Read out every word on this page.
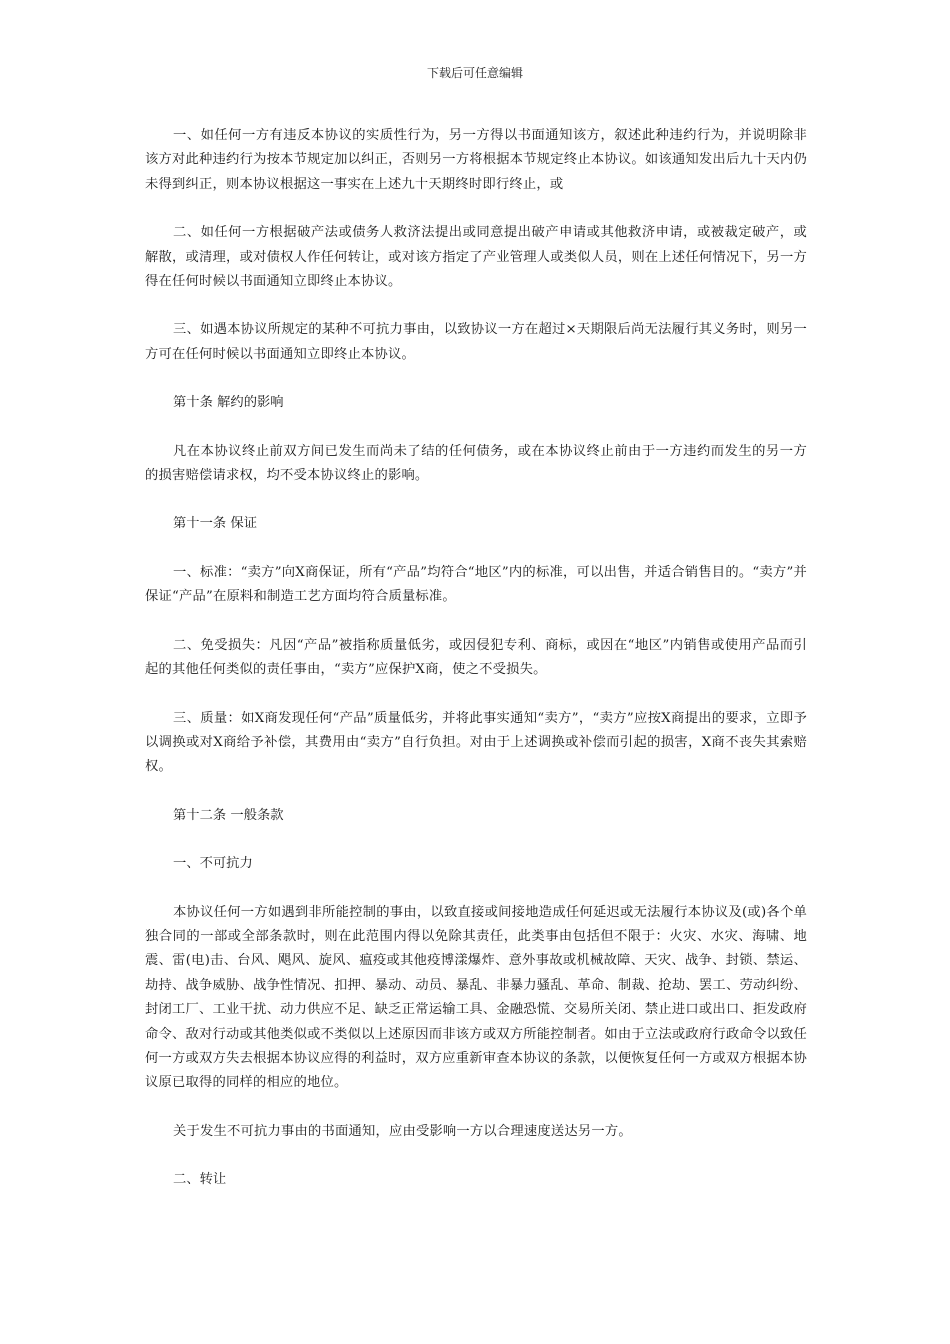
下载后可任意编辑

一、如任何一方有违反本协议的实质性行为，另一方得以书面通知该方，叙述此种违约行为，并说明除非该方对此种违约行为按本节规定加以纠正，否则另一方将根据本节规定终止本协议。如该通知发出后九十天内仍未得到纠正，则本协议根据这一事实在上述九十天期终时即行终止，或

二、如任何一方根据破产法或债务人救济法提出或同意提出破产申请或其他救济申请，或被裁定破产，或解散，或清理，或对债权人作任何转让，或对该方指定了产业管理人或类似人员，则在上述任何情况下，另一方得在任何时候以书面通知立即终止本协议。

三、如遇本协议所规定的某种不可抗力事由，以致协议一方在超过×天期限后尚无法履行其义务时，则另一方可在任何时候以书面通知立即终止本协议。

第十条 解约的影响

凡在本协议终止前双方间已发生而尚未了结的任何债务，或在本协议终止前由于一方违约而发生的另一方的损害赔偿请求权，均不受本协议终止的影响。

第十一条 保证

一、标准：“卖方”向X商保证，所有“产品”均符合“地区”内的标准，可以出售，并适合销售目的。“卖方”并保证“产品”在原料和制造工艺方面均符合质量标准。

二、免受损失：凡因“产品”被指称质量低劣，或因侵犯专利、商标，或因在“地区”内销售或使用产品而引起的其他任何类似的责任事由，“卖方”应保护X商，使之不受损失。

三、质量：如X商发现任何“产品”质量低劣，并将此事实通知“卖方”，“卖方”应按X商提出的要求，立即予以调换或对X商给予补偿，其费用由“卖方”自行负担。对由于上述调换或补偿而引起的损害，X商不丧失其索赔权。

第十二条 一般条款

一、不可抗力

本协议任何一方如遇到非所能控制的事由，以致直接或间接地造成任何延迟或无法履行本协议及(或)各个单独合同的一部或全部条款时，则在此范围内得以免除其责任，此类事由包括但不限于：火灾、水灾、海啸、地震、雷(电)击、台风、飓风、旋风、瘟疫或其他疫博漾爆炸、意外事故或机械故障、天灾、战争、封锁、禁运、劫持、战争威胁、战争性情况、扣押、暴动、动员、暴乱、非暴力骚乱、革命、制裁、抢劫、罢工、劳动纠纷、封闭工厂、工业干扰、动力供应不足、缺乏正常运输工具、金融恐慌、交易所关闭、禁止进口或出口、拒发政府命令、敌对行动或其他类似或不类似以上述原因而非该方或双方所能控制者。如由于立法或政府行政命令以致任何一方或双方失去根据本协议应得的利益时，双方应重新审查本协议的条款，以便恢复任何一方或双方根据本协议原已取得的同样的相应的地位。

关于发生不可抗力事由的书面通知，应由受影响一方以合理速度送达另一方。

二、转让
